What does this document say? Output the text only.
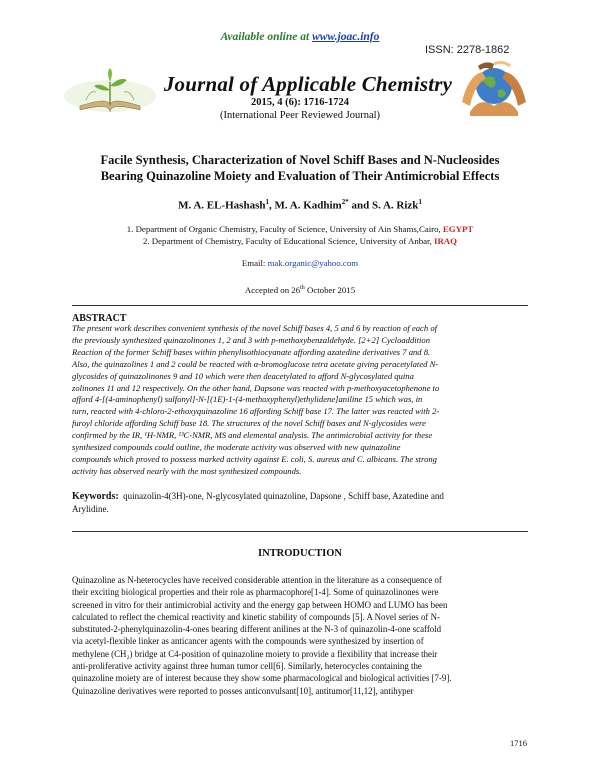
Available online at www.joac.info
ISSN: 2278-1862
Journal of Applicable Chemistry
2015, 4 (6): 1716-1724
(International Peer Reviewed Journal)
Facile Synthesis, Characterization of Novel Schiff Bases and N-Nucleosides
Bearing Quinazoline Moiety and Evaluation of Their Antimicrobial Effects
M. A. EL-Hashash$^1$, M. A. Kadhim$^{2*}$ and S. A. Rizk$^1$
1. Department of Organic Chemistry, Faculty of Science, University of Ain Shams,Cairo, EGYPT
2. Department of Chemistry, Faculty of Educational Science, University of Anbar, IRAQ
Email: mak.organic@yahoo.com
Accepted on 26th October 2015
ABSTRACT
The present work describes convenient synthesis of the novel Schiff bases 4, 5 and 6 by reaction of each of
the previously synthesized quinazolinones 1, 2 and 3 with p-methoxybenzaldehyde. [2+2] Cycloaddition
Reaction of the former Schiff bases within phenylisothiocyanate affording azatedine derivatives 7 and 8.
Also, the quinazolines 1 and 2 could be reacted with α-bromoglucose tetra acetate giving peracetylated N-
glycosides of quinazolinones 9 and 10 which were then deacetylated to afford N-glycosylated quina
zolinones 11 and 12 respectively. On the other hand, Dapsone was reacted with p-methoxyacetophenone to
afford 4-[(4-aminophenyl) sulfonyl]-N-[(1E)-1-(4-methoxyphenyl)ethylidene]aniline 15 which was, in
turn, reacted with 4-chloro-2-ethoxyquinazoline 16 affording Schiff base 17. The latter was reacted with 2-
furoyl chloride affording Schiff base 18. The structures of the novel Schiff bases and N-glycosides were
confirmed by the IR, ¹H-NMR, ¹³C-NMR, MS and elemental analysis. The antimicrobial activity for these
synthesized compounds could outline, the moderate activity was observed with new quinazoline
compounds which proved to possess marked activity against E. coli, S. aureus and C. albicans. The strong
activity has observed nearly with the most synthesized compounds.
Keywords: quinazolin-4(3H)-one, N-glycosylated quinazoline, Dapsone , Schiff base, Azatedine and
Arylidine.
INTRODUCTION
Quinazoline as N-heterocycles have received considerable attention in the literature as a consequence of
their exciting biological properties and their role as pharmacophore[1-4]. Some of quinazolinones were
screened in vitro for their antimicrobial activity and the energy gap between HOMO and LUMO has been
calculated to reflect the chemical reactivity and kinetic stability of compounds [5]. A Novel series of N-
substituted-2-phenylquinazolin-4-ones bearing different anilines at the N-3 of quinazolin-4-one scaffold
via acetyl-flexible linker as anticancer agents with the compounds were synthesized by insertion of
methylene (CH₂) bridge at C4-position of quinazoline moiety to provide a flexibility that increase their
anti-proliferative activity against three human tumor cell[6]. Similarly, heterocycles containing the
quinazoline moiety are of interest because they show some pharmacological and biological activities [7-9].
Quinazoline derivatives were reported to posses anticonvulsant[10], antitumor[11,12], antihyper
1716
